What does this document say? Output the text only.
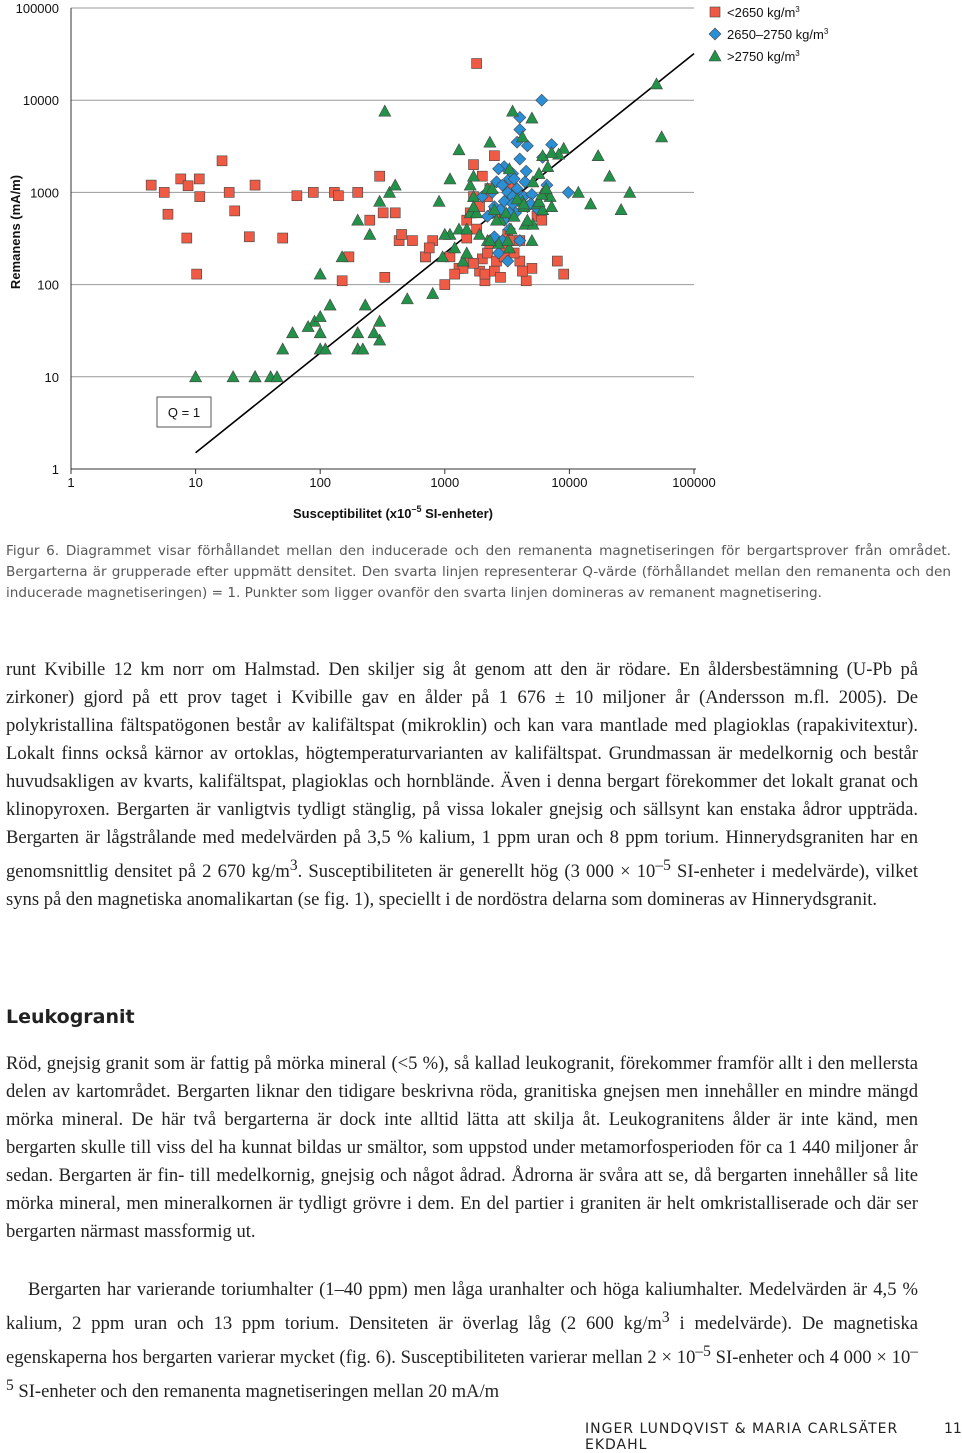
1
10
100
1000
10000
100000
1	10	100	1000	10000	100000
Remanens (mA/m)
Susceptibilitet ($x10^{-5}$ SI-enheter)
Q = 1
<2650 $kg/m^3$
2650–2750 $kg/m^3$
>2750 $kg/m^3$

Figur 6. Diagrammet visar förhållandet mellan den inducerade och den remanenta magnetiseringen för bergartsprover från området. Bergarterna är grupperade efter uppmätt densitet. Den svarta linjen representerar Q-värde (förhållandet mellan den remanenta och den inducerade magnetiseringen) = 1. Punkter som ligger ovanför den svarta linjen domineras av remanent magnetisering.

runt Kvibille 12 km norr om Halmstad. Den skiljer sig åt genom att den är rödare. En åldersbestämning (U-Pb på zirkoner) gjord på ett prov taget i Kvibille gav en ålder på 1 676 ± 10 miljoner år (Andersson m.fl. 2005). De polykristallina fältspatögonen består av kalifältspat (mikroklin) och kan vara mantlade med plagioklas (rapakivitextur). Lokalt finns också kärnor av ortoklas, högtemperaturvarianten av kalifältspat. Grundmassan är medelkornig och består huvudsakligen av kvarts, kalifältspat, plagioklas och hornblände. Även i denna bergart förekommer det lokalt granat och klinopyroxen. Bergarten är vanligtvis tydligt stänglig, på vissa lokaler gnejsig och sällsynt kan enstaka ådror uppträda. Bergarten är lågstrålande med medelvärden på 3,5 % kalium, 1 ppm uran och 8 ppm torium. Hinnerydsgraniten har en genomsnittlig densitet på 2 670 $kg/m^3$. Susceptibiliteten är generellt hög (3 $000 \times 10^{-5}$ SI-enheter i medelvärde), vilket syns på den magnetiska anomalikartan (se fig. 1), speciellt i de nordöstra delarna som domineras av Hinnerydsgranit.

Leukogranit

Röd, gnejsig granit som är fattig på mörka mineral (<5 %), så kallad leukogranit, förekommer framför allt i den mellersta delen av kartområdet. Bergarten liknar den tidigare beskrivna röda, granitiska gnejsen men innehåller en mindre mängd mörka mineral. De här två bergarterna är dock inte alltid lätta att skilja åt. Leukogranitens ålder är inte känd, men bergarten skulle till viss del ha kunnat bildas ur smältor, som uppstod under metamorfosperioden för ca 1 440 miljoner år sedan. Bergarten är fin- till medelkornig, gnejsig och något ådrad. Ådrorna är svåra att se, då bergarten innehåller så lite mörka mineral, men mineralkornen är tydligt grövre i dem. En del partier i graniten är helt omkristalliserade och där ser bergarten närmast massformig ut.

Bergarten har varierande toriumhalter (1–40 ppm) men låga uranhalter och höga kaliumhalter. Medelvärden är 4,5 % kalium, 2 ppm uran och 13 ppm torium. Densiteten är överlag låg (2 600 $kg/m^3$ i medelvärde). De magnetiska egenskaperna hos bergarten varierar mycket (fig. 6). Susceptibiliteten varierar mellan $2 \times 10^{-5}$ SI-enheter och 4 $000 \times 10^{-5}$ SI-enheter och den remanenta magnetiseringen mellan 20 mA/m

INGER LUNDQVIST & MARIA CARLSÄTER EKDAHL
11
